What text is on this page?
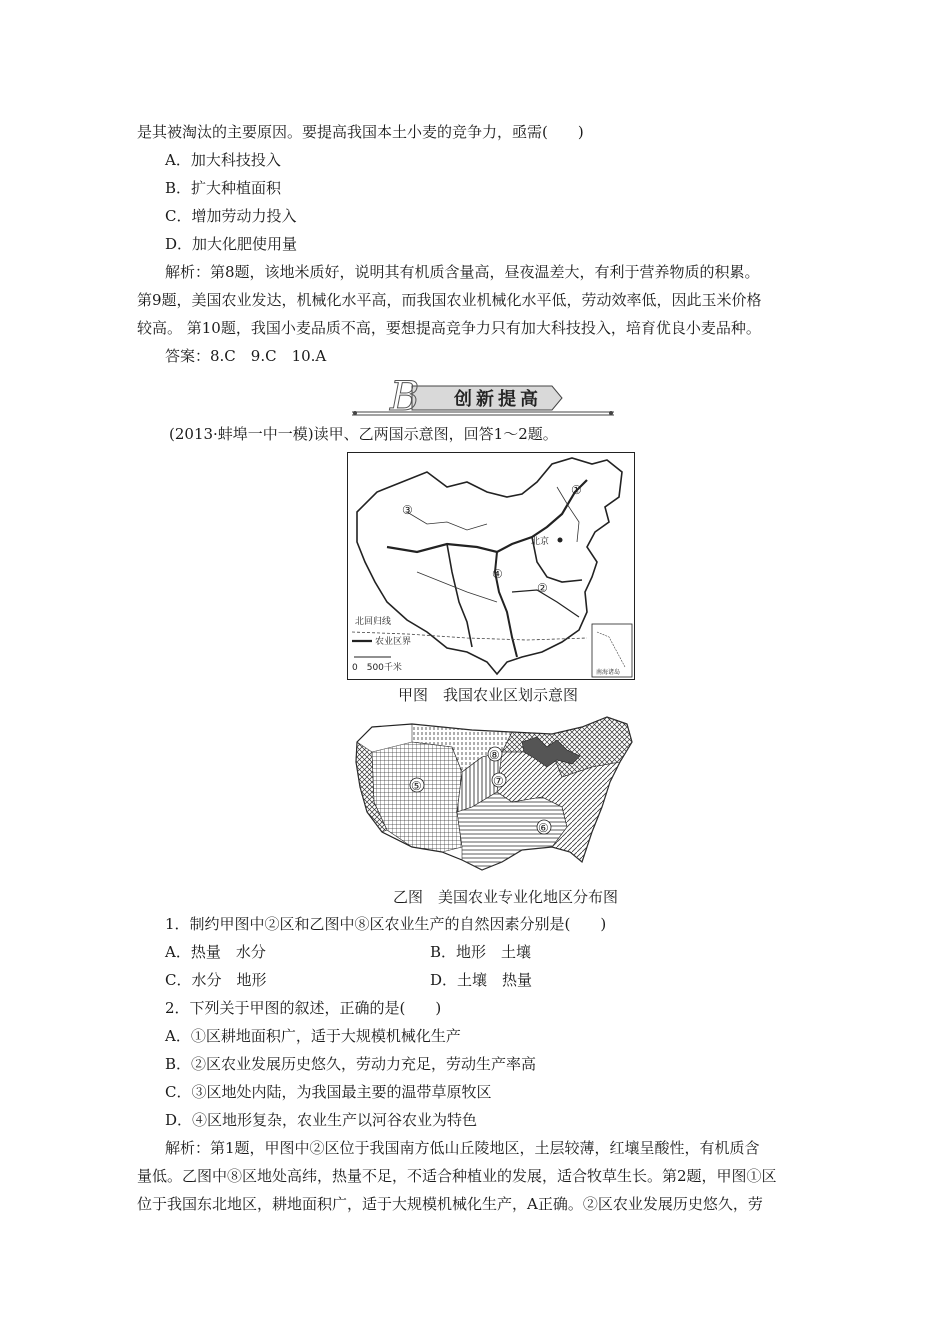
是其被淘汰的主要原因。要提高我国本土小麦的竞争力，亟需(　　)
A．加大科技投入
B．扩大种植面积
C．增加劳动力投入
D．加大化肥使用量
解析：第8题，该地米质好，说明其有机质含量高，昼夜温差大，有利于营养物质的积累。
第9题，美国农业发达，机械化水平高，而我国农业机械化水平低，劳动效率低，因此玉米价格
较高。 第10题，我国小麦品质不高，要想提高竞争力只有加大科技投入，培育优良小麦品种。
答案：8.C　9.C　10.A
B	创新提高
(2013·蚌埠一中一模)读甲、乙两国示意图，回答1～2题。
①
②
③
④
北京
北回归线
农业区界
0　500千米	南海诸岛
甲图　我国农业区划示意图
⑤
⑥
⑦
⑧
乙图　美国农业专业化地区分布图
1．制约甲图中②区和乙图中⑧区农业生产的自然因素分别是(　　)
A．热量　水分	B．地形　土壤
C．水分　地形	D．土壤　热量
2．下列关于甲图的叙述，正确的是(　　)
A．①区耕地面积广，适于大规模机械化生产
B．②区农业发展历史悠久，劳动力充足，劳动生产率高
C．③区地处内陆，为我国最主要的温带草原牧区
D．④区地形复杂，农业生产以河谷农业为特色
解析：第1题，甲图中②区位于我国南方低山丘陵地区，土层较薄，红壤呈酸性，有机质含
量低。乙图中⑧区地处高纬，热量不足，不适合种植业的发展，适合牧草生长。第2题，甲图①区
位于我国东北地区，耕地面积广，适于大规模机械化生产，A正确。②区农业发展历史悠久，劳
